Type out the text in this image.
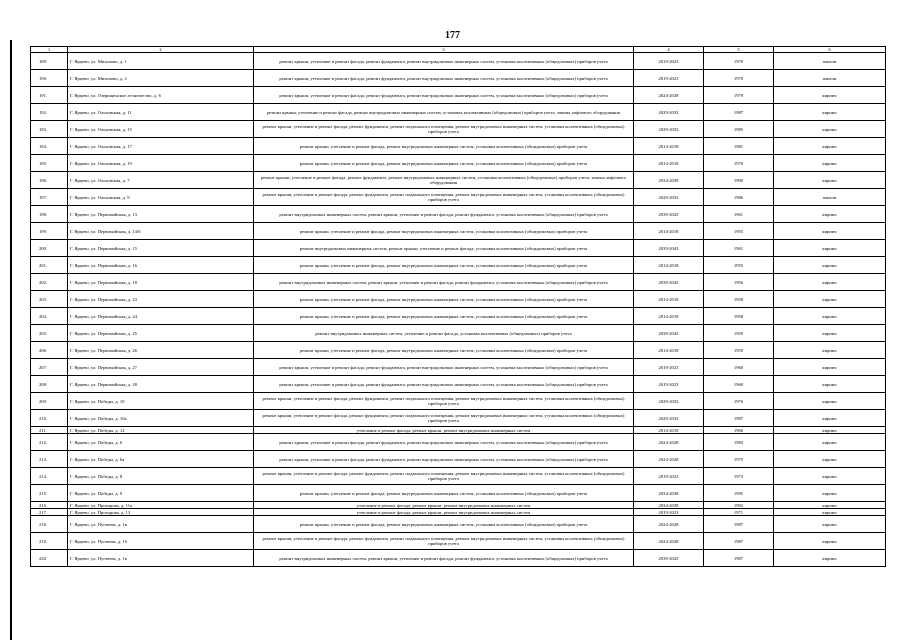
177
1	2	3	4	5	6
189.	Г. Ярцево, ул. Милохово, д. 1	ремонт крыши, утепление и ремонт фасада, ремонт фундамента, ремонт внутридомовых инженерных систем, установка коллективных (общедомовых) приборов учета	2019-2023	1970	панели
190.	Г. Ярцево, ул. Милохово, д. 2	ремонт крыши, утепление и ремонт фасада, ремонт фундамента, ремонт внутридомовых инженерных систем, установка коллективных (общедомовых) приборов учета	2019-2023	1970	панели
191.	Г. Ярцево, ул. Озерищенское лесничество, д. 6	ремонт крыши, утепление и ремонт фасада, ремонт фундамента, ремонт внутридомовых инженерных систем, установка коллективных (общедомовых) приборов учета	2024-2028	1979	кирпич
192.	Г. Ярцево, ул. Ольховская, д. 11	ремонт крыши, утепление и ремонт фасада, ремонт внутридомовых инженерных систем, установка коллективных (общедомовых) приборов учета, замена лифтового оборудования	2029-2033	1987	кирпич
193.	Г. Ярцево, ул. Ольховская, д. 15	ремонт крыши, утепление и ремонт фасада, ремонт фундамента, ремонт подвального помещения, ремонт внутридомовых инженерных систем, установка коллективных (общедомовых) приборов учета	2029-2033	1985	кирпич
194.	Г. Ярцево, ул. Ольховская, д. 17	ремонт крыши, утепление и ремонт фасада, ремонт внутридомовых инженерных систем, установка коллективных (общедомовых) приборов учета	2014-2018	1981	кирпич
195.	Г. Ярцево, ул. Ольховская, д. 19	ремонт крыши, утепление и ремонт фасада, ремонт внутридомовых инженерных систем, установка коллективных (общедомовых) приборов учета	2014-2018	1976	кирпич
196.	Г. Ярцево, ул. Ольховская, д. 7	ремонт крыши, утепление и ремонт фасада, ремонт фундамента, ремонт внутридомовых инженерных систем, установка коллективных (общедомовых) приборов учета, замена лифтового оборудования	2034-2038	1990	кирпич
197.	Г. Ярцево, ул. Ольховская, д. 9	ремонт крыши, утепление и ремонт фасада, ремонт фундамента, ремонт подвального помещения, ремонт внутридомовых инженерных систем, установка коллективных (общедомовых) приборов учета	2029-2033	1986	панели
198.	Г. Ярцево, ул. Первомайская, д. 13	ремонт внутридомовых инженерных систем, ремонт крыши, утепление и ремонт фасада, ремонт фундамента, установка коллективных (общедомовых) приборов учета	2039-2043	1961	кирпич
199.	Г. Ярцево, ул. Первомайская, д. 14/6	ремонт крыши, утепление и ремонт фасада, ремонт внутридомовых инженерных систем, установка коллективных (общедомовых) приборов учета	2014-2018	1955	кирпич
200.	Г. Ярцево, ул. Первомайская, д. 15	ремонт внутридомовых инженерных систем, ремонт крыши, утепление и ремонт фасада, установка коллективных (общедомовых) приборов учета	2039-2043	1961	кирпич
201.	Г. Ярцево, ул. Первомайская, д. 16	ремонт крыши, утепление и ремонт фасада, ремонт внутридомовых инженерных систем, установка коллективных (общедомовых) приборов учета	2014-2018	1955	кирпич
202.	Г. Ярцево, ул. Первомайская, д. 18	ремонт внутридомовых инженерных систем, ремонт крыши, утепление и ремонт фасада, ремонт фундамента, установка коллективных (общедомовых) приборов учета	2039-2043	1956	кирпич
203.	Г. Ярцево, ул. Первомайская, д. 23	ремонт крыши, утепление и ремонт фасада, ремонт внутридомовых инженерных систем, установка коллективных (общедомовых) приборов учета	2014-2018	1958	кирпич
204.	Г. Ярцево, ул. Первомайская, д. 24	ремонт крыши, утепление и ремонт фасада, ремонт внутридомовых инженерных систем, установка коллективных (общедомовых) приборов учета	2014-2018	1958	кирпич
205.	Г. Ярцево, ул. Первомайская, д. 25	ремонт внутридомовых инженерных систем, утепление и ремонт фасада, установка коллективных (общедомовых) приборов учета	2039-2043	1959	кирпич
206.	Г. Ярцево, ул. Первомайская, д. 26	ремонт крыши, утепление и ремонт фасада, ремонт внутридомовых инженерных систем, установка коллективных (общедомовых) приборов учета	2014-2018	1959	кирпич
207.	Г. Ярцево, ул. Первомайская, д. 27	ремонт крыши, утепление и ремонт фасада, ремонт фундамента, ремонт внутридомовых инженерных систем, установка коллективных (общедомовых) приборов учета	2019-2023	1960	кирпич
208.	Г. Ярцево, ул. Первомайская, д. 28	ремонт крыши, утепление и ремонт фасада, ремонт фундамента, ремонт внутридомовых инженерных систем, установка коллективных (общедомовых) приборов учета	2019-2023	1960	кирпич
209.	Г. Ярцево, ул. Победы, д. 10	ремонт крыши, утепление и ремонт фасада, ремонт фундамента, ремонт подвального помещения, ремонт внутридомовых инженерных систем, установка коллективных (общедомовых) приборов учета	2029-2033	1976	кирпич
210.	Г. Ярцево, ул. Победы, д. 10а	ремонт крыши, утепление и ремонт фасада, ремонт фундамента, ремонт подвального помещения, ремонт внутридомовых инженерных систем, установка коллективных (общедомовых) приборов учета	2029-2033	1987	кирпич
211.	Г. Ярцево, ул. Победы, д. 12	утепление и ремонт фасада, ремонт крыши, ремонт внутридомовых инженерных систем	2014-2018	1966	кирпич
212.	Г. Ярцево, ул. Победы, д. 6	ремонт крыши, утепление и ремонт фасада, ремонт фундамента, ремонт внутридомовых инженерных систем, установка коллективных (общедомовых) приборов учета	2024-2028	1983	кирпич
213.	Г. Ярцево, ул. Победы, д. 6а	ремонт крыши, утепление и ремонт фасада, ремонт фундамента, ремонт внутридомовых инженерных систем, установка коллективных (общедомовых) приборов учета	2024-2028	1975	кирпич
214.	Г. Ярцево, ул. Победы, д. 8	ремонт крыши, утепление и ремонт фасада, ремонт фундамента, ремонт подвального помещения, ремонт внутридомовых инженерных систем, установка коллективных (общедомовых) приборов учета	2019-2023	1973	кирпич
215.	Г. Ярцево, ул. Победы, д. 9	ремонт крыши, утепление и ремонт фасада, ремонт внутридомовых инженерных систем, установка коллективных (общедомовых) приборов учета	2034-2038	1995	кирпич
216.	Г. Ярцево, ул. Прохорова, д. 11а	утепление и ремонт фасада, ремонт крыши, ремонт внутридомовых инженерных систем	2034-2038	1992	кирпич
217.	Г. Ярцево, ул. Прохорова, д. 13	утепление и ремонт фасада, ремонт крыши, ремонт внутридомовых инженерных систем	2019-2023	1971	кирпич
218.	Г. Ярцево, ул. Пугачева, д. 1в	ремонт крыши, утепление и ремонт фасада, ремонт внутридомовых инженерных систем, установка коллективных (общедомовых) приборов учета	2024-2028	1987	кирпич
219.	Г. Ярцево, ул. Пугачева, д. 1б	ремонт крыши, утепление и ремонт фасада, ремонт фундамента, ремонт подвального помещения, ремонт внутридомовых инженерных систем, установка коллективных (общедомовых) приборов учета	2024-2028	1987	кирпич
220.	Г. Ярцево, ул. Пугачева, д. 1в	ремонт внутридомовых инженерных систем, ремонт крыши, утепление и ремонт фасада, ремонт фундамента, установка коллективных (общедомовых) приборов учета	2039-2043	1987	кирпич
